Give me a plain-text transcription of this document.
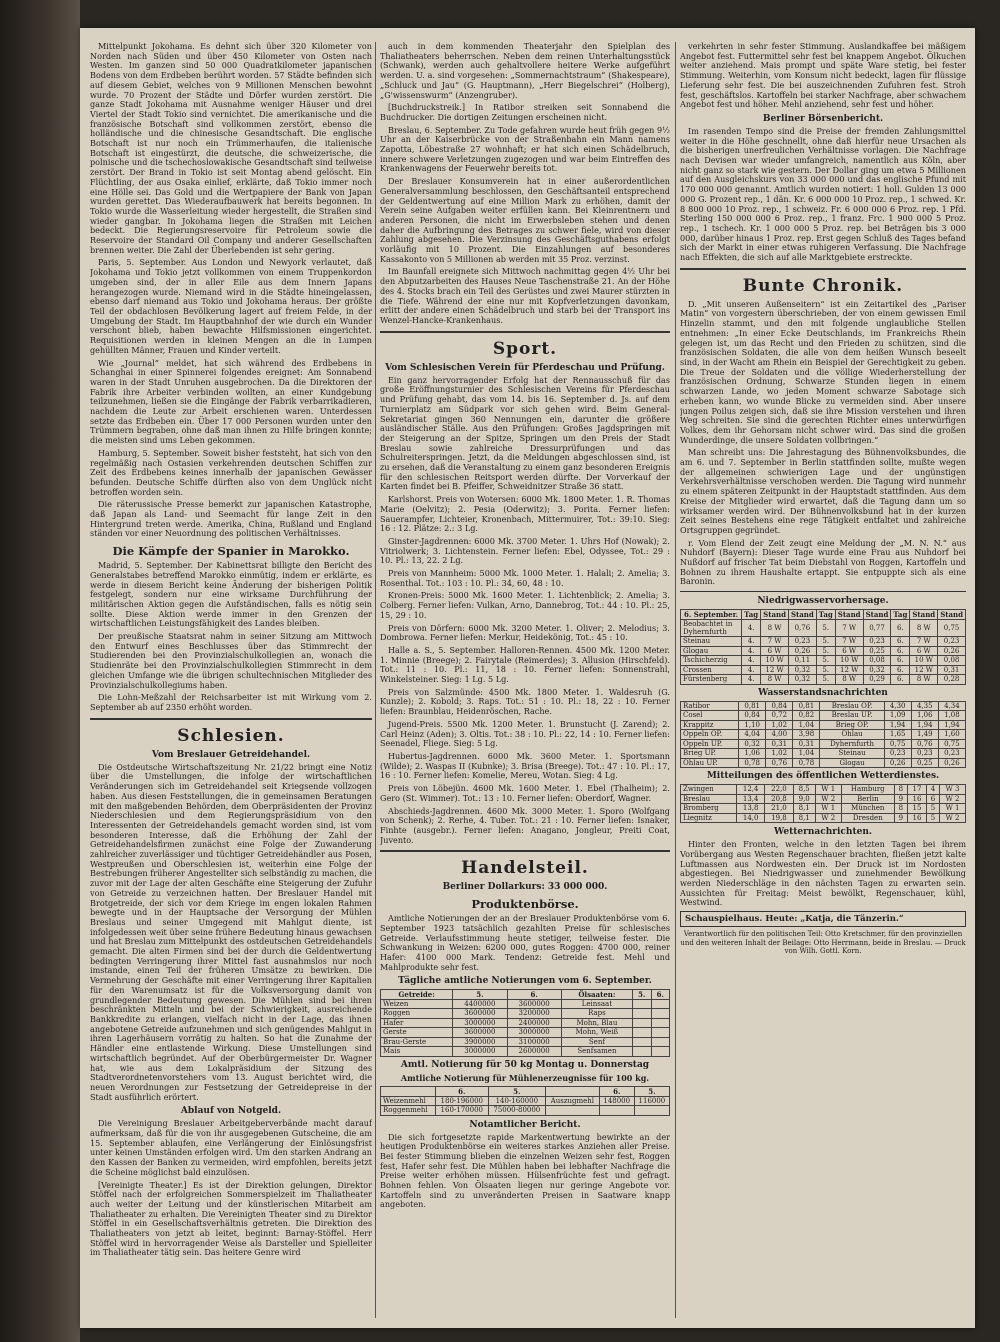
Mittelpunkt Jokohama. Es dehnt sich über 320 Kilometer von Norden nach Süden und über 450 Kilometer von Osten nach Westen. Im ganzen sind 50 000 Quadratkilometer japanischen Bodens von dem Erdbeben berührt worden. 57 Städte befinden sich auf diesem Gebiet, welches von 9 Millionen Menschen bewohnt wurde. 70 Prozent der Städte und Dörfer wurden zerstört. Die ganze Stadt Jokohama mit Ausnahme weniger Häuser und drei Viertel der Stadt Tokio sind vernichtet. Die amerikanische und die französische Botschaft sind vollkommen zerstört, ebenso die holländische und die chinesische Gesandtschaft. Die englische Botschaft ist nur noch ein Trümmerhaufen, die italienische Botschaft ist eingestürzt, die deutsche, die schweizerische, die polnische und die tschechoslowakische Gesandtschaft sind teilweise zerstört. Der Brand in Tokio ist seit Montag abend gelöscht. Ein Flüchtling, der aus Osaka einlief, erklärte, daß Tokio immer noch eine Hölle sei. Das Gold und die Wertpapiere der Bank von Japan wurden gerettet. Das Wiederaufbauwerk hat bereits begonnen. In Tokio wurde die Wasserleitung wieder hergestellt, die Straßen sind wieder gangbar. In Jokohama liegen die Straßen mit Leichen bedeckt. Die Regierungsreservoire für Petroleum sowie die Reservoire der Standard Oil Company und anderer Gesellschaften brennen weiter. Die Zahl der Überlebenden ist sehr gering.

Paris, 5. September. Aus London und Newyork verlautet, daß Jokohama und Tokio jetzt vollkommen von einem Truppenkordon umgeben sind, der in aller Eile aus dem Innern Japans herangezogen wurde. Niemand wird in die Städte hineingelassen, ebenso darf niemand aus Tokio und Jokohama heraus. Der größte Teil der obdachlosen Bevölkerung lagert auf freiem Felde, in der Umgebung der Stadt. Im Hauptbahnhof der wie durch ein Wunder verschont blieb, haben bewachte Hilfsmissionen eingerichtet. Requisitionen werden in kleinen Mengen an die in Lumpen gehüllten Männer, Frauen und Kinder verteilt.

Wie „Journal“ meldet, hat sich während des Erdbebens in Schanghai in einer Spinnerei folgendes ereignet: Am Sonnabend waren in der Stadt Unruhen ausgebrochen. Da die Direktoren der Fabrik ihre Arbeiter verbinden wollten, an einer Kundgebung teilzunehmen, ließen sie die Eingänge der Fabrik verbarrikadieren, nachdem die Leute zur Arbeit erschienen waren. Unterdessen setzte das Erdbeben ein. Über 17 000 Personen wurden unter den Trümmern begraben, ohne daß man ihnen zu Hilfe bringen konnte; die meisten sind ums Leben gekommen.

Hamburg, 5. September. Soweit bisher feststeht, hat sich von den regelmäßig nach Ostasien verkehrenden deutschen Schiffen zur Zeit des Erdbebens keines innerhalb der japanischen Gewässer befunden. Deutsche Schiffe dürften also von dem Unglück nicht betroffen worden sein.

Die räterussische Presse bemerkt zur japanischen Katastrophe, daß Japan als Land- und Seemacht für lange Zeit in den Hintergrund treten werde. Amerika, China, Rußland und England ständen vor einer Neuordnung des politischen Verhältnisses.

Die Kämpfe der Spanier in Marokko.

Madrid, 5. September. Der Kabinettsrat billigte den Bericht des Generalstabes betreffend Marokko einmütig, indem er erklärte, es werde in diesem Bericht keine Änderung der bisherigen Politik festgelegt, sondern nur eine wirksame Durchführung der militärischen Aktion gegen die Aufständischen, falls es nötig sein sollte. Diese Aktion werde immer in den Grenzen der wirtschaftlichen Leistungsfähigkeit des Landes bleiben.

Der preußische Staatsrat nahm in seiner Sitzung am Mittwoch den Entwurf eines Beschlusses über das Stimmrecht der Studierenden bei den Provinzialschulkollegien an, wonach die Studienräte bei den Provinzialschulkollegien Stimmrecht in dem gleichen Umfange wie die übrigen schultechnischen Mitglieder des Provinzialschulkollegiums haben.

Die Lohn-Meßzahl der Reichsarbeiter ist mit Wirkung vom 2. September ab auf 2350 erhöht worden.

Schlesien.
Vom Breslauer Getreidehandel.

Die Ostdeutsche Wirtschaftszeitung Nr. 21/22 bringt eine Notiz über die Umstellungen, die infolge der wirtschaftlichen Veränderungen sich im Getreidehandel seit Kriegsende vollzogen haben. Aus diesen Feststellungen, die in gemeinsamen Beratungen mit den maßgebenden Behörden, dem Oberpräsidenten der Provinz Niederschlesien und dem Regierungspräsidium von den Interessenten der Getreidehandels gemacht worden sind, ist vom besonderen Interesse, daß die Erhöhung der Zahl der Getreidehandelsfirmen zunächst eine Folge der Zuwanderung zahlreicher zuverlässiger und tüchtiger Getreidehändler aus Posen, Westpreußen und Oberschlesien ist, weiterhin eine Folge der Bestrebungen früherer Angestellter sich selbständig zu machen, die zuvor mit der Lage der alten Geschäfte eine Steigerung der Zufuhr von Getreide zu verzeichnen hatten. Der Breslauer Handel mit Brotgetreide, der sich vor dem Kriege im engen lokalen Rahmen bewegte und in der Hauptsache der Versorgung der Mühlen Breslaus und seiner Umgegend mit Mahlgut diente, ist infolgedessen weit über seine frühere Bedeutung hinaus gewachsen und hat Breslau zum Mittelpunkt des ostdeutschen Getreidehandels gemacht. Die alten Firmen sind bei der durch die Geldentwertung bedingten Verringerung ihrer Mittel fast ausnahmslos nur noch imstande, einen Teil der früheren Umsätze zu bewirken. Die Vermehrung der Geschäfte mit einer Verringerung ihrer Kapitalien für den Warenumsatz ist für die Volksversorgung damit von grundlegender Bedeutung gewesen. Die Mühlen sind bei ihren beschränkten Mitteln und bei der Schwierigkeit, ausreichende Bankkredite zu erlangen, vielfach nicht in der Lage, das ihnen angebotene Getreide aufzunehmen und sich genügendes Mahlgut in ihren Lagerhäusern vorrätig zu halten. So hat die Zunahme der Händler eine entlastende Wirkung. Diese Umstellungen sind wirtschaftlich begründet. Auf der Oberbürgermeister Dr. Wagner hat, wie aus dem Lokalpräsidium der Sitzung des Stadtverordnetenvorstehers vom 13. August berichtet wird, die neuen Verordnungen zur Festsetzung der Getreidepreise in der Stadt ausführlich erörtert.

Ablauf von Notgeld.

Die Vereinigung Breslauer Arbeitgeberverbände macht darauf aufmerksam, daß für die von ihr ausgegebenen Gutscheine, die am 15. September ablaufen, eine Verlängerung der Einlösungsfrist unter keinen Umständen erfolgen wird. Um den starken Andrang an den Kassen der Banken zu vermeiden, wird empfohlen, bereits jetzt die Scheine möglichst bald einzulösen.

[Vereinigte Theater.] Es ist der Direktion gelungen, Direktor Stöffel nach der erfolgreichen Sommerspielzeit im Thaliatheater auch weiter der Leitung und der künstlerischen Mitarbeit am Thaliatheater zu erhalten. Die Vereinigten Theater sind zu Direktor Stöffel in ein Gesellschaftsverhältnis getreten. Die Direktion des Thaliatheaters von jetzt ab leitet, beginnt: Barnay-Stöffel. Herr Stöffel wird in hervorragender Weise als Darsteller und Spielleiter im Thaliatheater tätig sein. Das heitere Genre wird

auch in dem kommenden Theaterjahr den Spielplan des Thaliatheaters beherrschen. Neben dem reinen Unterhaltungsstück (Schwank), werden auch gehaltvollere heitere Werke aufgeführt werden. U. a. sind vorgesehen: „Sommernachtstraum“ (Shakespeare), „Schluck und Jau“ (G. Hauptmann), „Herr Biegelschrei“ (Holberg), „G'wissenswurm“ (Anzengruber).

[Buchdruckstreik.] In Ratibor streiken seit Sonnabend die Buchdrucker. Die dortigen Zeitungen erscheinen nicht.

Breslau, 6. September. Zu Tode gefahren wurde heut früh gegen 9½ Uhr an der Kaiserbrücke von der Straßenbahn ein Mann namens Zapotta, Löbestraße 27 wohnhaft; er hat sich einen Schädelbruch, innere schwere Verletzungen zugezogen und war beim Eintreffen des Krankenwagens der Feuerwehr bereits tot.

Der Breslauer Konsumverein hat in einer außerordentlichen Generalversammlung beschlossen, den Geschäftsanteil entsprechend der Geldentwertung auf eine Million Mark zu erhöhen, damit der Verein seine Aufgaben weiter erfüllen kann. Bei Kleinrentnern und anderen Personen, die nicht im Erwerbsleben stehen und denen daher die Aufbringung des Betrages zu schwer fiele, wird von dieser Zahlung abgesehen. Die Verzinsung des Geschäftsguthabens erfolgt vorläufig mit 10 Prozent. Die Einzahlungen auf besonderes Kassakonto von 5 Millionen ab werden mit 35 Proz. verzinst.

Im Baunfall ereignete sich Mittwoch nachmittag gegen 4½ Uhr bei den Abputzarbeiten des Hauses Neue Taschenstraße 21. An der Höhe des 4. Stocks brach ein Teil des Gerüstes und zwei Maurer stürzten in die Tiefe. Während der eine nur mit Kopfverletzungen davonkam, erlitt der andere einen Schädelbruch und starb bei der Transport ins Wenzel-Hancke-Krankenhaus.

Sport.
Vom Schlesischen Verein für Pferdeschau und Prüfung.

Ein ganz hervorragender Erfolg hat der Rennausschuß für das große Eröffnungsturnier des Schlesischen Vereins für Pferdeschau und Prüfung gehabt, das vom 14. bis 16. September d. Js. auf dem Turnierplatz am Südpark vor sich gehen wird. Beim General-Sekretariat gingen 360 Nennungen ein, darunter die größere ausländischer Ställe. Aus den Prüfungen: Großes Jagdspringen mit der Steigerung an der Spitze, Springen um den Preis der Stadt Breslau sowie zahlreiche Dressurprüfungen und das Schulreiterspringen. Jetzt, da die Meldungen abgeschlossen sind, ist zu ersehen, daß die Veranstaltung zu einem ganz besonderen Ereignis für den schlesischen Reitsport werden dürfte. Der Vorverkauf der Karten findet bei B. Pfeiffer, Schweidnitzer Straße 36 statt.

Karlshorst. Preis von Wotersen: 6000 Mk. 1800 Meter. 1. R. Thomas Marie (Oelvitz); 2. Pesia (Oderwitz); 3. Porita. Ferner liefen: Sauerampfer, Lichteier, Kronenbach, Mittermuirer, Tot.: 39:10. Sieg: 16 : 12. Plätze: 2.: 3 Lg.

Ginster-Jagdrennen: 6000 Mk. 3700 Meter. 1. Uhrs Hof (Nowak); 2. Vitriolwerk; 3. Lichtenstein. Ferner liefen: Ebel, Odyssee, Tot.: 29 : 10. Pl.: 13, 22. 2 Lg.

Preis von Mannheim: 5000 Mk. 1000 Meter. 1. Halali; 2. Amelia; 3. Rosenthal. Tot.: 103 : 10. Pl.: 34, 60, 48 : 10.

Kronen-Preis: 5000 Mk. 1600 Meter. 1. Lichtenblick; 2. Amelia; 3. Colberg. Ferner liefen: Vulkan, Arno, Dannebrog, Tot.: 44 : 10. Pl.: 25, 15, 29 : 10.

Preis von Dörfern: 6000 Mk. 3200 Meter. 1. Oliver; 2. Melodius; 3. Dombrowa. Ferner liefen: Merkur, Heidekönig, Tot.: 45 : 10.

Halle a. S., 5. September. Halloren-Rennen. 4500 Mk. 1200 Meter. 1. Minnie (Breege); 2. Fairytale (Reimerdes); 3. Allusion (Hirschfeld). Tot.: 11 : 10. Pl.: 11, 18 : 10. Ferner liefen: Sonnenstrahl, Winkelsteiner. Sieg: 1 Lg. 5 Lg.

Preis von Salzmünde: 4500 Mk. 1800 Meter. 1. Waldesruh (G. Kunzle); 2. Kobold; 3. Raps. Tot.: 51 : 10. Pl.: 18, 22 : 10. Ferner liefen: Braunblau, Heidenröschen, Rache.

Jugend-Preis. 5500 Mk. 1200 Meter. 1. Brunstucht (J. Zarend); 2. Carl Heinz (Aden); 3. Oltis. Tot.: 38 : 10. Pl.: 22, 14 : 10. Ferner liefen: Seenadel, Fliege. Sieg: 5 Lg.

Hubertus-Jagdrennen. 6000 Mk. 3600 Meter. 1. Sportsmann (Wilde); 2. Waspas II (Kubnke); 3. Brisa (Breege). Tot.: 47 : 10. Pl.: 17, 16 : 10. Ferner liefen: Komelie, Mereu, Wotan. Sieg: 4 Lg.

Preis von Löbejün. 4600 Mk. 1600 Meter. 1. Ebel (Thalheim); 2. Gero (St. Wimmer). Tot.: 13 : 10. Ferner liefen: Oberdorf, Wagner.

Abschieds-Jagdrennen. 4600 Mk. 3000 Meter. 1. Sporo (Wolfgang von Schenk); 2. Rerhe, 4. Tuber. Tot.: 21 : 10. Ferner liefen: Isnaker, Finhte (ausgebr.). Ferner liefen: Anagano, Jongleur, Preiti Coat, Juvento.

Handelsteil.
Berliner Dollarkurs: 33 000 000.
Produktenbörse.

Amtliche Notierungen der an der Breslauer Produktenbörse vom 6. September 1923 tatsächlich gezahlten Preise für schlesisches Getreide. Verlaufsstimmung heute stetiger, teilweise fester. Die Schwankung in Weizen: 6200 000, gutes Roggen: 4700 000, reiner Hafer: 4100 000 Mark. Tendenz: Getreide fest. Mehl und Mahlprodukte sehr fest.

Tägliche amtliche Notierungen vom 6. September.
Getreide:	5.	6.	Ölsaaten:	5.	6.
Weizen	4400000	3600000	Leinsaat		
Roggen	3600000	3200000	Raps		
Hafer	3000000	2400000	Mohn, Blau		
Gerste	3600000	3000000	Mohn, Weiß		
Brau-Gerste	3900000	3100000	Senf		
Mais	3000000	2600000	Senfsamen		
Amtl. Notierung für 50 kg Montag u. Donnerstag
Amtliche Notierung für Mühlenerzeugnisse für 100 kg.
	6.	5.		6.	5.
Weizenmehl	180-196000	140-160000	Auszugmehl	148000	116000
Roggenmehl	160-170000	75000-80000			
Notamtlicher Bericht.

Die sich fortgesetzte rapide Markentwertung bewirkte an der heutigen Produktenbörse ein weiteres starkes Anziehen aller Preise. Bei fester Stimmung blieben die einzelnen Weizen sehr fest, Roggen fest, Hafer sehr fest. Die Mühlen haben bei lebhafter Nachfrage die Preise weiter erhöhen müssen. Hülsenfrüchte fest und gefragt. Bohnen fehlen. Von Ölsaaten liegen nur geringe Angebote vor. Kartoffeln sind zu unveränderten Preisen in Saatware knapp angeboten.

verkehrten in sehr fester Stimmung. Auslandkaffee bei mäßigem Angebot fest. Futtermittel sehr fest bei knappem Angebot. Ölkuchen weiter anziehend. Mais prompt und späte Ware stetig, bei fester Stimmung. Weiterhin, vom Konsum nicht bedeckt, lagen für flüssige Lieferung sehr fest. Die bei auszeichnenden Zufuhren fest. Stroh fest, geschäftslos. Kartoffeln bei starker Nachfrage, aber schwachem Angebot fest und höher. Mehl anziehend, sehr fest und höher.

Berliner Börsenbericht.

Im rasenden Tempo sind die Preise der fremden Zahlungsmittel weiter in die Höhe geschnellt, ohne daß hierfür neue Ursachen als die bisherigen unerfreulichen Verhältnisse vorlagen. Die Nachfrage nach Devisen war wieder umfangreich, namentlich aus Köln, aber nicht ganz so stark wie gestern. Der Dollar ging um etwa 5 Millionen auf den Ausgleichskurs von 33 000 000 und das englische Pfund mit 170 000 000 genannt. Amtlich wurden notiert: 1 holl. Gulden 13 000 000 G. Prozent rep., 1 dän. Kr. 6 000 000 10 Proz. rep., 1 schwed. Kr. 8 800 000 10 Proz. rep., 1 schweiz. Fr. 6 000 000 6 Proz. rep. 1 Pfd. Sterling 150 000 000 6 Proz. rep., 1 franz. Frc. 1 900 000 5 Proz. rep., 1 tschech. Kr. 1 000 000 5 Proz. rep. bei Beträgen bis 3 000 000, darüber hinaus 1 Proz. rep. Erst gegen Schluß des Tages befand sich der Markt in einer etwas ruhigeren Verfassung. Die Nachfrage nach Effekten, die sich auf alle Marktgebiete erstreckte.

Bunte Chronik.

D. „Mit unseren Außenseitern“ ist ein Zeitartikel des „Pariser Matin“ von vorgestern überschrieben, der von einem gewissen Emil Hinzelin stammt, und den mit folgende unglaubliche Stellen entnehmen: „In einer Ecke Deutschlands, im Frankreichs Rhein gelegen ist, um das Recht und den Frieden zu schützen, sind die französischen Soldaten, die alle von dem heißen Wunsch beseelt sind, in der Wacht am Rhein ein Beispiel der Gerechtigkeit zu geben. Die Treue der Soldaten und die völlige Wiederherstellung der französischen Ordnung, Schwarze Stunden liegen in einem schwarzen Lande, wo jeden Moment schwarze Sabotage sich erheben kann, wo wunde Blicke zu vermeiden sind. Aber unsere jungen Poilus zeigen sich, daß sie ihre Mission verstehen und ihren Weg schreiten. Sie sind die gerechten Richter eines unterwürfigen Volkes, dem ihr Gehorsam nicht schwer wird. Das sind die großen Wunderdinge, die unsere Soldaten vollbringen.“

Man schreibt uns: Die Jahrestagung des Bühnenvolksbundes, die am 6. und 7. September in Berlin stattfinden sollte, mußte wegen der allgemeinen schwierigen Lage und der ungünstigen Verkehrsverhältnisse verschoben werden. Die Tagung wird nunmehr zu einem späteren Zeitpunkt in der Hauptstadt stattfinden. Aus dem Kreise der Mitglieder wird erwartet, daß die Tagung dann um so wirksamer werden wird. Der Bühnenvolksbund hat in der kurzen Zeit seines Bestehens eine rege Tätigkeit entfaltet und zahlreiche Ortsgruppen gegründet.

r. Vom Elend der Zeit zeugt eine Meldung der „M. N. N.“ aus Nuhdorf (Bayern): Dieser Tage wurde eine Frau aus Nuhdorf bei Nußdorf auf frischer Tat beim Diebstahl von Roggen, Kartoffeln und Bohnen zu ihrem Haushalte ertappt. Sie entpuppte sich als eine Baronin.

Niedrigwasservorhersage.
6. September.	Tag	Stand	Stand	Tag	Stand	Stand	Tag	Stand	Stand
Beobachtet in Dyhernfurth	4.	8 W	0,76	5.	7 W	0,77	6.	8 W	0,75
Steinau	4.	7 W	0,23	5.	7 W	0,23	6.	7 W	0,23
Glogau	4.	6 W	0,26	5.	6 W	0,25	6.	6 W	0,26
Tschicherzig	4.	10 W	0,11	5.	10 W	0,08	6.	10 W	0,08
Crossen	4.	12 W	0,32	5.	12 W	0,32	6.	12 W	0,31
Fürstenberg	4.	8 W	0,32	5.	8 W	0,29	6.	8 W	0,28
Wasserstandsnachrichten
Ratibor	0,81	0,84	0,81	Breslau OP.	4,30	4,35	4,34
Cosel	0,84	0,72	0,82	Breslau UP.	1,09	1,06	1,08
Krappitz	1,10	1,02	1,04	Brieg OP.	1,94	1,94	1,94
Oppeln OP.	4,04	4,00	3,98	Ohlau	1,65	1,49	1,60
Oppeln UP.	0,32	0,31	0,31	Dyhernfurth	0,75	0,76	0,75
Brieg UP.	1,06	1,02	1,04	Steinau	0,23	0,23	0,23
Ohlau UP.	0,78	0,76	0,78	Glogau	0,26	0,25	0,26
Mitteilungen des öffentlichen Wetterdienstes.
Zwingen	12,4	22,0	8,5	W 1	Hamburg	8	17	4	W 3
Breslau	13,4	20,8	9,0	W 2	Berlin	9	16	6	W 2
Bromberg	13,8	21,0	8,1	W 1	München	8	15	5	W 1
Liegnitz	14,0	19,8	8,1	W 2	Dresden	9	16	5	W 2
Wetternachrichten.

Hinter den Fronten, welche in den letzten Tagen bei ihrem Vorübergang aus Westen Regenschauer brachten, fließen jetzt kalte Luftmassen aus Nordwesten ein. Der Druck ist im Nordosten abgestiegen. Bei Niedrigwasser und zunehmender Bewölkung werden Niederschläge in den nächsten Tagen zu erwarten sein. Aussichten für Freitag: Meist bewölkt, Regenschauer, kühl, Westwind.

Schauspielhaus. Heute: „Katja, die Tänzerin.“
Verantwortlich für den politischen Teil: Otto Kretschmer, für den provinziellen und den weiteren Inhalt der Beilage: Otto Herrmann, beide in Breslau. — Druck von Wilh. Gottl. Korn.
